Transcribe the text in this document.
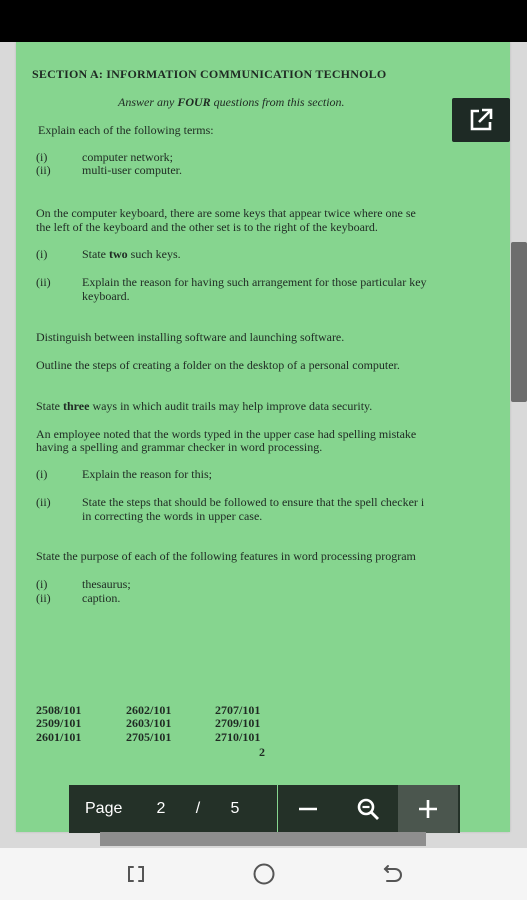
SECTION A: INFORMATION COMMUNICATION TECHNOLO
Answer any FOUR questions from this section.
Explain each of the following terms:
(i)	computer network;
(ii)	multi-user computer.
On the computer keyboard, there are some keys that appear twice where one se
the left of the keyboard and the other set is to the right of the keyboard.
(i)	State two such keys.
(ii)	Explain the reason for having such arrangement for those particular key
keyboard.
Distinguish between installing software and launching software.
Outline the steps of creating a folder on the desktop of a personal computer.
State three ways in which audit trails may help improve data security.
An employee noted that the words typed in the upper case had spelling mistake
having a spelling and grammar checker in word processing.
(i)	Explain the reason for this;
(ii)	State the steps that should be followed to ensure that the spell checker i
in correcting the words in upper case.
State the purpose of each of the following features in word processing program
(i)	thesaurus;
(ii)	caption.
2508/101	2602/101	2707/101
2509/101	2603/101	2709/101
2601/101	2705/101	2710/101
2
Page	2	/	5
